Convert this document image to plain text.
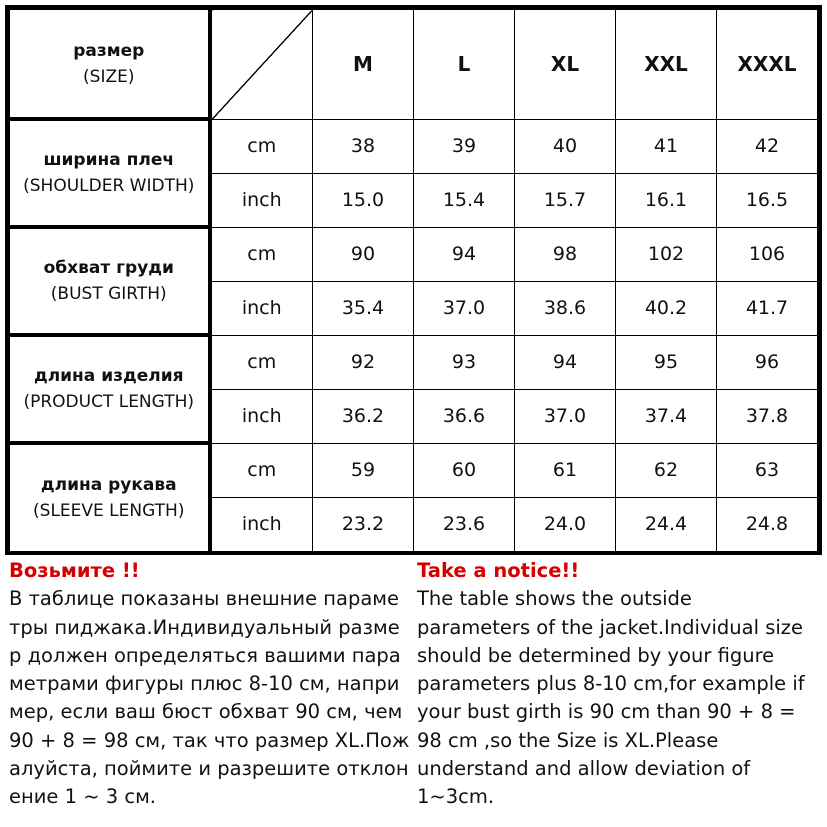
размер
(SIZE)		M	L	XL	XXL	XXXL

ширина плеч
(SHOULDER WIDTH)	cm	38	39	40	41	42
	inch	15.0	15.4	15.7	16.1	16.5

обхват груди
(BUST GIRTH)	cm	90	94	98	102	106
	inch	35.4	37.0	38.6	40.2	41.7

длина изделия
(PRODUCT LENGTH)	cm	92	93	94	95	96
	inch	36.2	36.6	37.0	37.4	37.8

длина рукава
(SLEEVE LENGTH)	cm	59	60	61	62	63
	inch	23.2	23.6	24.0	24.4	24.8
Возьмите !!
В таблице показаны внешние параме
тры пиджака.Индивидуальный разме
р должен определяться вашими пара
метрами фигуры плюс 8-10 см, напри
мер, если ваш бюст обхват 90 см, чем
90 + 8 = 98 см, так что размер XL.Пож
алуйста, поймите и разрешите отклон
ение 1 ~ 3 см.
Take a notice!!
The table shows the outside
parameters of the jacket.Individual size
should be determined by your figure
parameters plus 8-10 cm,for example if
your bust girth is 90 cm than 90 + 8 =
98 cm ,so the Size is XL.Please
understand and allow deviation of
1~3cm.
